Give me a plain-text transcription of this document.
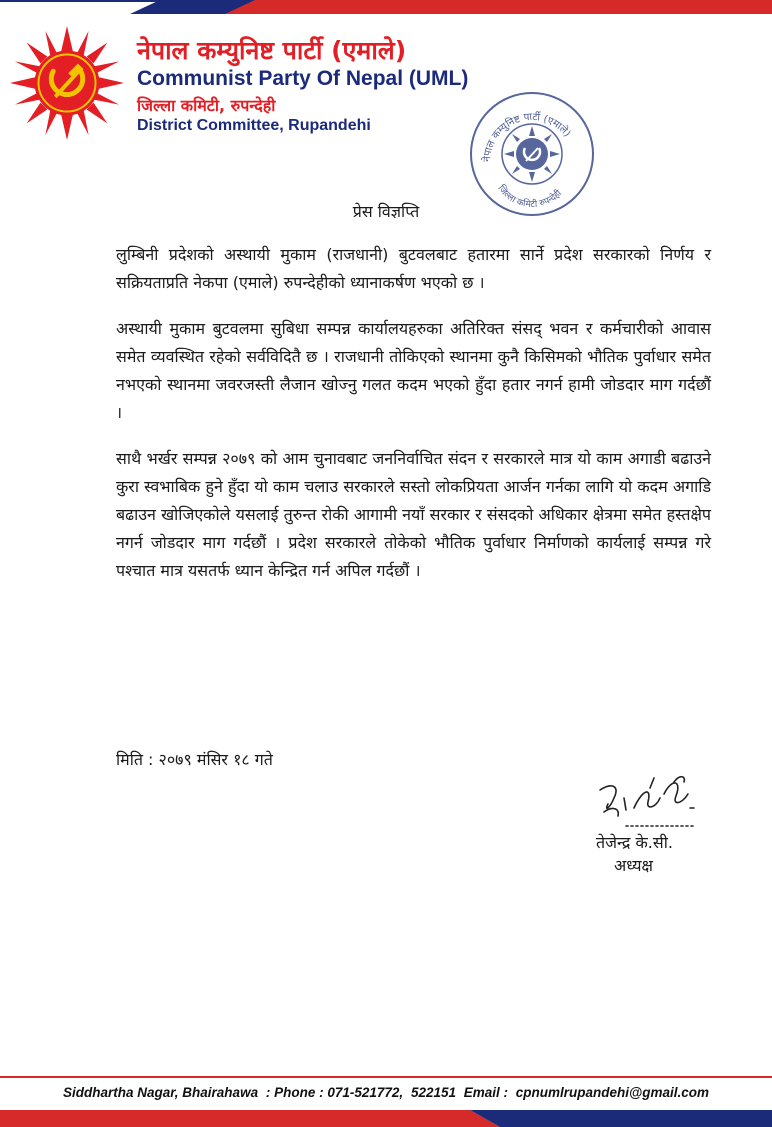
नेपाल कम्युनिष्ट पार्टी (एमाले)
Communist Party Of Nepal (UML)
जिल्ला कमिटी, रुपन्देही
District Committee, Rupandehi
नेपाल कम्युनिष्ट पार्टी (एमाले)
जिल्ला कमिटी रुपन्देही
प्रेस विज्ञप्ति

लुम्बिनी प्रदेशको अस्थायी मुकाम (राजधानी) बुटवलबाट हतारमा सार्ने प्रदेश सरकारको निर्णय र सक्रियताप्रति नेकपा (एमाले) रुपन्देहीको ध्यानाकर्षण भएको छ ।

अस्थायी मुकाम बुटवलमा सुबिधा सम्पन्न कार्यालयहरुका अतिरिक्त संसद् भवन र कर्मचारीको आवास समेत व्यवस्थित रहेको सर्वविदितै छ । राजधानी तोकिएको स्थानमा कुनै किसिमको भौतिक पुर्वाधार समेत नभएको स्थानमा जवरजस्ती लैजान खोज्नु गलत कदम भएको हुँदा हतार नगर्न हामी जोडदार माग गर्दछौं ।

साथै भर्खर सम्पन्न २०७९ को आम चुनावबाट जननिर्वाचित संदन र सरकारले मात्र यो काम अगाडी बढाउने कुरा स्वभाबिक हुने हुँदा यो काम चलाउ सरकारले सस्तो लोकप्रियता आर्जन गर्नका लागि यो कदम अगाडि बढाउन खोजिएकोले यसलाई तुरुन्त रोकी आगामी नयाँ सरकार र संसदको अधिकार क्षेत्रमा समेत हस्तक्षेप नगर्न जोडदार माग गर्दछौं । प्रदेश सरकारले तोकेको भौतिक पुर्वाधार निर्माणको कार्यलाई सम्पन्न गरे पश्चात मात्र यसतर्फ ध्यान केन्द्रित गर्न अपिल गर्दछौं ।

मिति : २०७९ मंसिर १८ गते
तेजेन्द्र के.सी.
अध्यक्ष
Siddhartha Nagar, Bhairahawa : Phone : 071-521772, 522151 Email : cpnumlrupandehi@gmail.com
